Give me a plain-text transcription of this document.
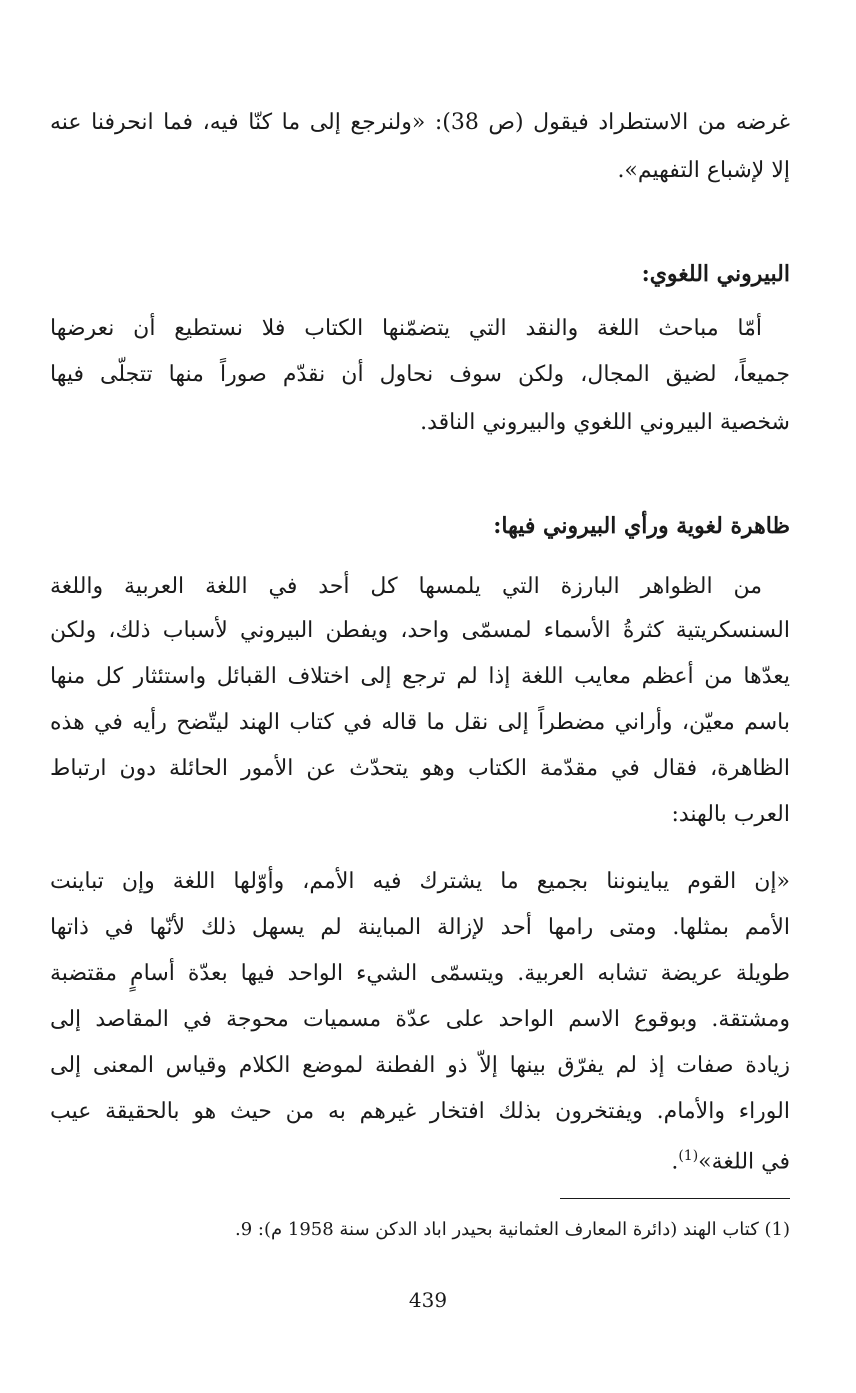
غرضه من الاستطراد فيقول (ص 38): «ولنرجع إلى ما كنّا فيه، فما انحرفنا عنه
إلا لإشباع التفهيم».
البيروني اللغوي:
أمّا مباحث اللغة والنقد التي يتضمّنها الكتاب فلا نستطيع أن نعرضها
جميعاً، لضيق المجال، ولكن سوف نحاول أن نقدّم صوراً منها تتجلّى فيها
شخصية البيروني اللغوي والبيروني الناقد.
ظاهرة لغوية ورأي البيروني فيها:
من الظواهر البارزة التي يلمسها كل أحد في اللغة العربية واللغة
السنسكريتية كثرةُ الأسماء لمسمّى واحد، ويفطن البيروني لأسباب ذلك، ولكن
يعدّها من أعظم معايب اللغة إذا لم ترجع إلى اختلاف القبائل واستئثار كل منها
باسم معيّن، وأراني مضطراً إلى نقل ما قاله في كتاب الهند ليتّضح رأيه في هذه
الظاهرة، فقال في مقدّمة الكتاب وهو يتحدّث عن الأمور الحائلة دون ارتباط
العرب بالهند:
«إن القوم يباينوننا بجميع ما يشترك فيه الأمم، وأوّلها اللغة وإن تباينت
الأمم بمثلها. ومتى رامها أحد لإزالة المباينة لم يسهل ذلك لأنّها في ذاتها
طويلة عريضة تشابه العربية. ويتسمّى الشيء الواحد فيها بعدّة أسامٍ مقتضبة
ومشتقة. وبوقوع الاسم الواحد على عدّة مسميات محوجة في المقاصد إلى
زيادة صفات إذ لم يفرّق بينها إلاّ ذو الفطنة لموضع الكلام وقياس المعنى إلى
الوراء والأمام. ويفتخرون بذلك افتخار غيرهم به من حيث هو بالحقيقة عيب
في اللغة»$^{(1)}$.
(1) كتاب الهند (دائرة المعارف العثمانية بحيدر اباد الدكن سنة 1958 م): 9.
439
